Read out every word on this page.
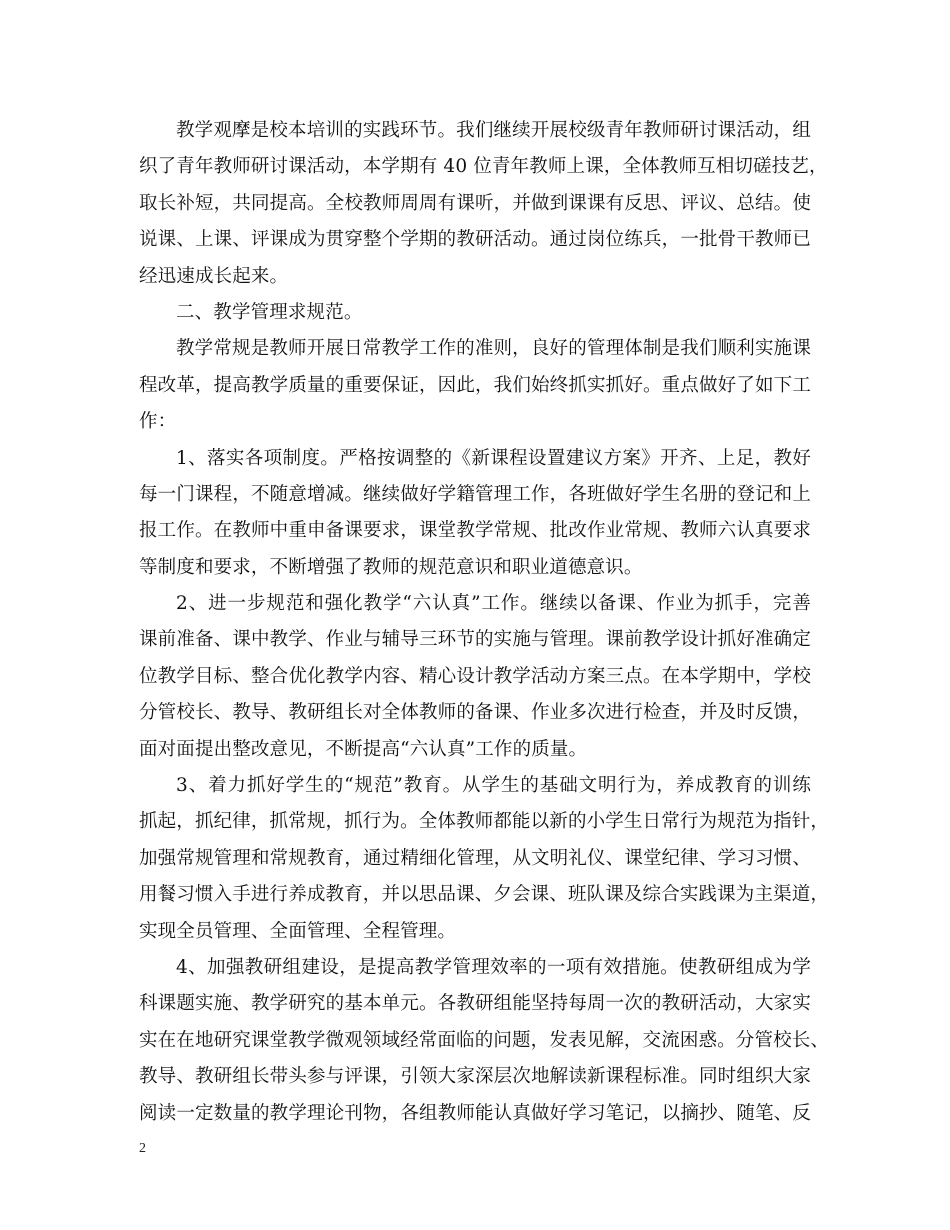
教学观摩是校本培训的实践环节。我们继续开展校级青年教师研讨课活动，组
织了青年教师研讨课活动，本学期有 40 位青年教师上课，全体教师互相切磋技艺，
取长补短，共同提高。全校教师周周有课听，并做到课课有反思、评议、总结。使
说课、上课、评课成为贯穿整个学期的教研活动。通过岗位练兵，一批骨干教师已
经迅速成长起来。
二、教学管理求规范。
教学常规是教师开展日常教学工作的准则，良好的管理体制是我们顺利实施课
程改革，提高教学质量的重要保证，因此，我们始终抓实抓好。重点做好了如下工
作：
1、落实各项制度。严格按调整的《新课程设置建议方案》开齐、上足，教好
每一门课程，不随意增减。继续做好学籍管理工作，各班做好学生名册的登记和上
报工作。在教师中重申备课要求，课堂教学常规、批改作业常规、教师六认真要求
等制度和要求，不断增强了教师的规范意识和职业道德意识。
2、进一步规范和强化教学“六认真”工作。继续以备课、作业为抓手，完善
课前准备、课中教学、作业与辅导三环节的实施与管理。课前教学设计抓好准确定
位教学目标、整合优化教学内容、精心设计教学活动方案三点。在本学期中，学校
分管校长、教导、教研组长对全体教师的备课、作业多次进行检查，并及时反馈，
面对面提出整改意见，不断提高“六认真”工作的质量。
3、着力抓好学生的“规范”教育。从学生的基础文明行为，养成教育的训练
抓起，抓纪律，抓常规，抓行为。全体教师都能以新的小学生日常行为规范为指针，
加强常规管理和常规教育，通过精细化管理，从文明礼仪、课堂纪律、学习习惯、
用餐习惯入手进行养成教育，并以思品课、夕会课、班队课及综合实践课为主渠道，
实现全员管理、全面管理、全程管理。
4、加强教研组建设，是提高教学管理效率的一项有效措施。使教研组成为学
科课题实施、教学研究的基本单元。各教研组能坚持每周一次的教研活动，大家实
实在在地研究课堂教学微观领域经常面临的问题，发表见解，交流困惑。分管校长、
教导、教研组长带头参与评课，引领大家深层次地解读新课程标准。同时组织大家
阅读一定数量的教学理论刊物，各组教师能认真做好学习笔记，以摘抄、随笔、反
2
